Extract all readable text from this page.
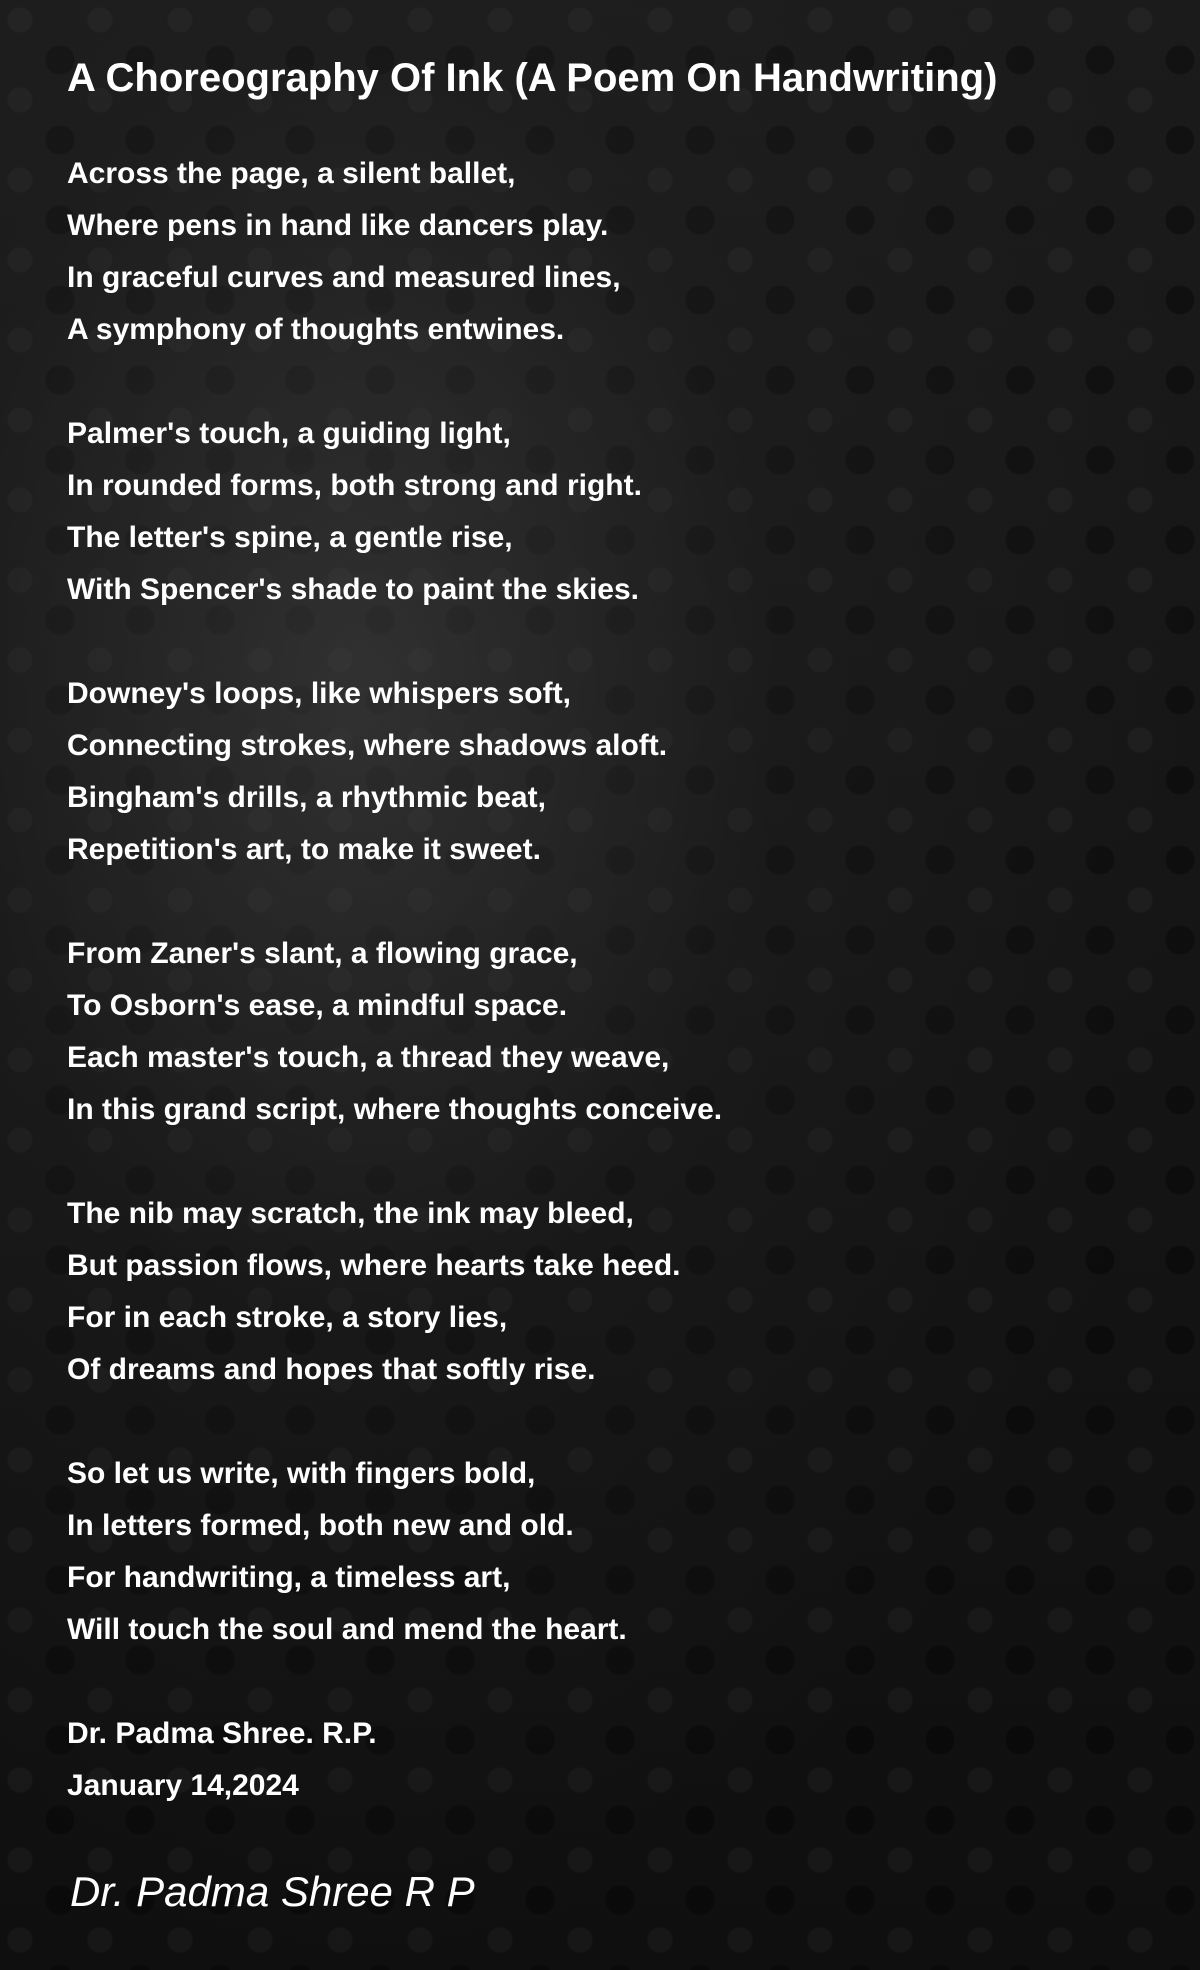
A Choreography Of Ink (A Poem On Handwriting)
Across the page, a silent ballet,
Where pens in hand like dancers play.
In graceful curves and measured lines,
A symphony of thoughts entwines.
Palmer's touch, a guiding light,
In rounded forms, both strong and right.
The letter's spine, a gentle rise,
With Spencer's shade to paint the skies.
Downey's loops, like whispers soft,
Connecting strokes, where shadows aloft.
Bingham's drills, a rhythmic beat,
Repetition's art, to make it sweet.
From Zaner's slant, a flowing grace,
To Osborn's ease, a mindful space.
Each master's touch, a thread they weave,
In this grand script, where thoughts conceive.
The nib may scratch, the ink may bleed,
But passion flows, where hearts take heed.
For in each stroke, a story lies,
Of dreams and hopes that softly rise.
So let us write, with fingers bold,
In letters formed, both new and old.
For handwriting, a timeless art,
Will touch the soul and mend the heart.
Dr. Padma Shree. R.P.
January 14,2024
Dr. Padma Shree R P
